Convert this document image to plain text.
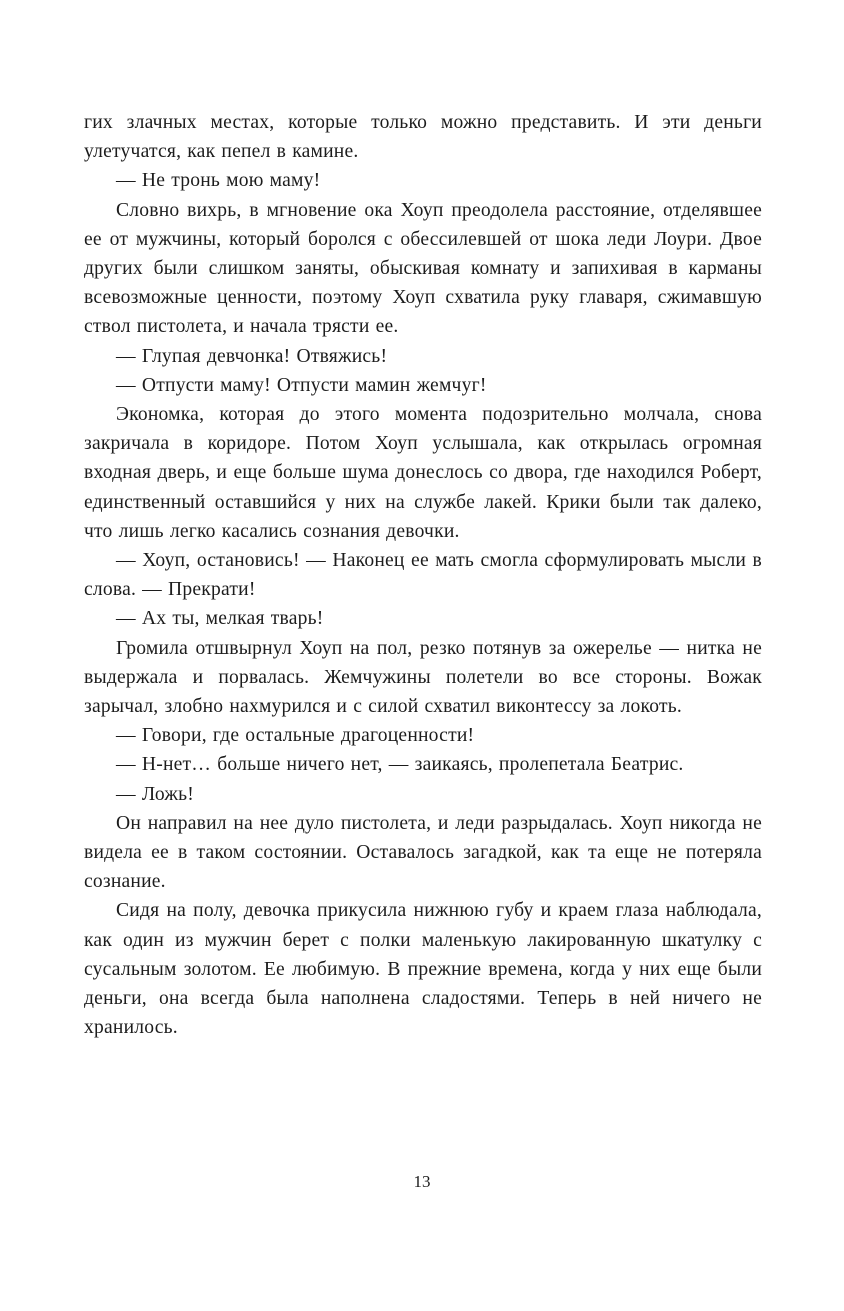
гих злачных местах, которые только можно представить. И эти деньги улетучатся, как пепел в камине.

— Не тронь мою маму!

Словно вихрь, в мгновение ока Хоуп преодолела расстояние, отделявшее ее от мужчины, который боролся с обессилевшей от шока леди Лоури. Двое других были слишком заняты, обыскивая комнату и запихивая в карманы всевозможные ценности, поэтому Хоуп схватила руку главаря, сжимавшую ствол пистолета, и начала трясти ее.

— Глупая девчонка! Отвяжись!

— Отпусти маму! Отпусти мамин жемчуг!

Экономка, которая до этого момента подозрительно молчала, снова закричала в коридоре. Потом Хоуп услышала, как открылась огромная входная дверь, и еще больше шума донеслось со двора, где находился Роберт, единственный оставшийся у них на службе лакей. Крики были так далеко, что лишь легко касались сознания девочки.

— Хоуп, остановись! — Наконец ее мать смогла сформулировать мысли в слова. — Прекрати!

— Ах ты, мелкая тварь!

Громила отшвырнул Хоуп на пол, резко потянув за ожерелье — нитка не выдержала и порвалась. Жемчужины полетели во все стороны. Вожак зарычал, злобно нахмурился и с силой схватил виконтессу за локоть.

— Говори, где остальные драгоценности!

— Н-нет… больше ничего нет, — заикаясь, пролепетала Беатрис.

— Ложь!

Он направил на нее дуло пистолета, и леди разрыдалась. Хоуп никогда не видела ее в таком состоянии. Оставалось загадкой, как та еще не потеряла сознание.

Сидя на полу, девочка прикусила нижнюю губу и краем глаза наблюдала, как один из мужчин берет с полки маленькую лакированную шкатулку с сусальным золотом. Ее любимую. В прежние времена, когда у них еще были деньги, она всегда была наполнена сладостями. Теперь в ней ничего не хранилось.

13
